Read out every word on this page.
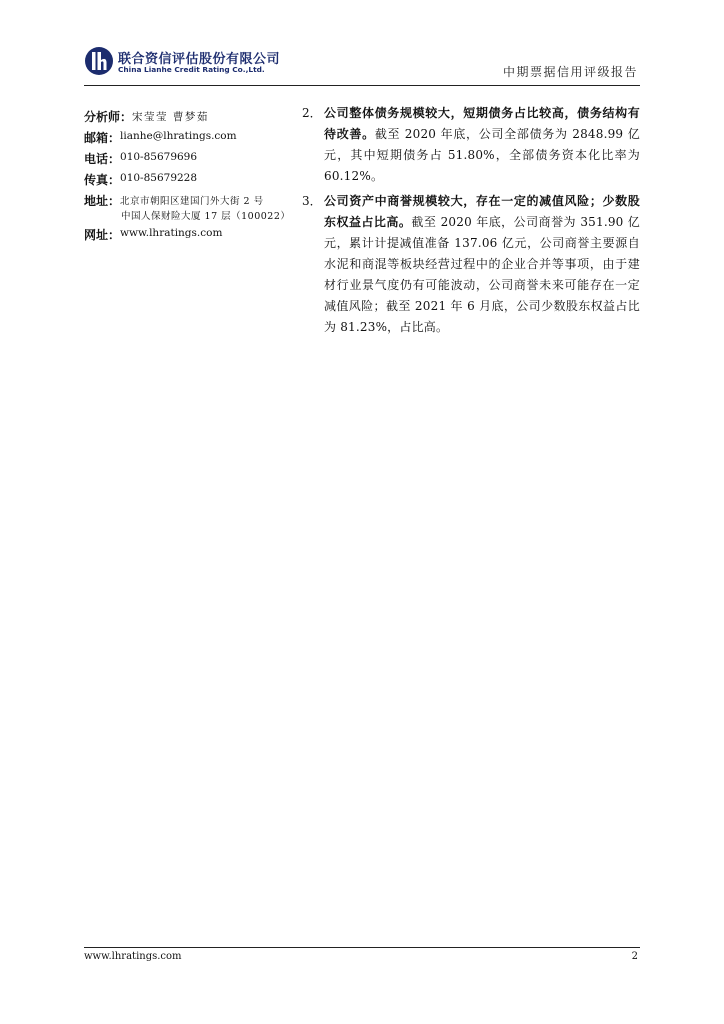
联合资信评估股份有限公司
China Lianhe Credit Rating Co.,Ltd.	中期票据信用评级报告
分析师： 宋莹莹 曹梦茹
邮箱： lianhe@lhratings.com
电话： 010-85679696
传真： 010-85679228
地址： 北京市朝阳区建国门外大街 2 号
中国人保财险大厦 17 层（100022）
网址： www.lhratings.com
2． 公司整体债务规模较大，短期债务占比较高，债务结构有待改善。截至 2020 年底，公司全部债务为 2848.99 亿元，其中短期债务占 51.80%，全部债务资本化比率为 60.12%。
3． 公司资产中商誉规模较大，存在一定的减值风险；少数股东权益占比高。截至 2020 年底，公司商誉为 351.90 亿元，累计计提减值准备 137.06 亿元，公司商誉主要源自水泥和商混等板块经营过程中的企业合并等事项，由于建材行业景气度仍有可能波动，公司商誉未来可能存在一定减值风险；截至 2021 年 6 月底，公司少数股东权益占比为 81.23%，占比高。
www.lhratings.com	2
